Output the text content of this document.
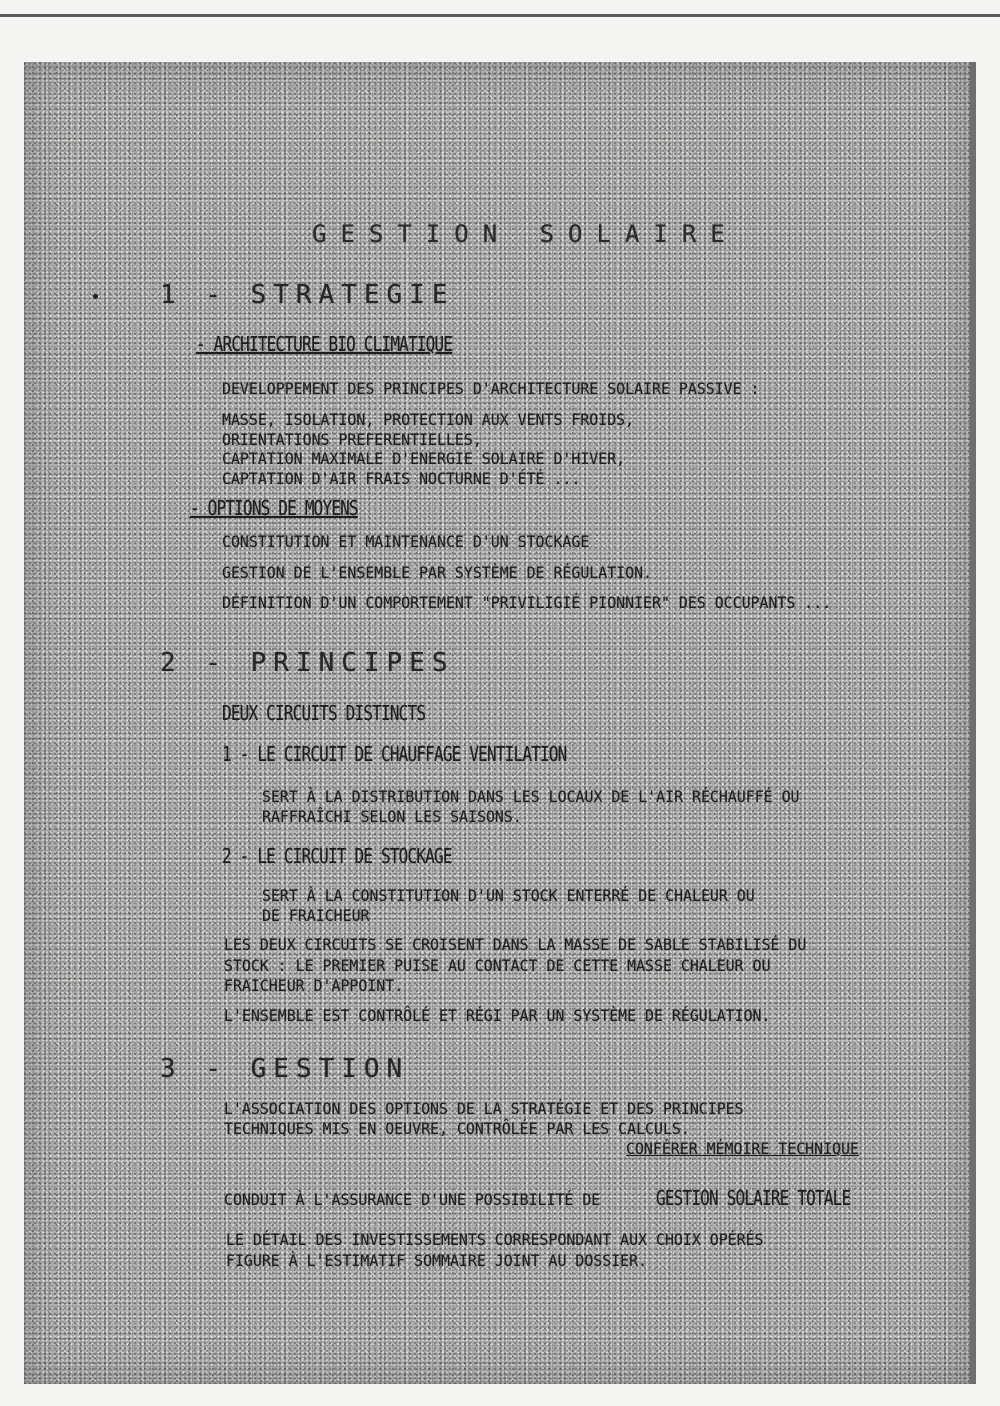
GESTION SOLAIRE

1 - STRATEGIE

- ARCHITECTURE BIO CLIMATIQUE

DEVELOPPEMENT DES PRINCIPES D'ARCHITECTURE SOLAIRE PASSIVE :

MASSE, ISOLATION, PROTECTION AUX VENTS FROIDS,

ORIENTATIONS PREFERENTIELLES,

CAPTATION MAXIMALE D'ENERGIE SOLAIRE D'HIVER,

CAPTATION D'AIR FRAIS NOCTURNE D'ÉTÉ ...

- OPTIONS DE MOYENS

CONSTITUTION ET MAINTENANCE D'UN STOCKAGE

GESTION DE L'ENSEMBLE PAR SYSTÈME DE RÉGULATION.

DÉFINITION D'UN COMPORTEMENT "PRIVILIGIÉ PIONNIER" DES OCCUPANTS ...

2 - PRINCIPES

DEUX CIRCUITS DISTINCTS

1 - LE CIRCUIT DE CHAUFFAGE VENTILATION

SERT À LA DISTRIBUTION DANS LES LOCAUX DE L'AIR RÉCHAUFFÉ OU

RAFFRAÎCHI SELON LES SAISONS.

2 - LE CIRCUIT DE STOCKAGE

SERT À LA CONSTITUTION D'UN STOCK ENTERRÉ DE CHALEUR OU

DE FRAICHEUR

LES DEUX CIRCUITS SE CROISENT DANS LA MASSE DE SABLE STABILISÉ DU

STOCK : LE PREMIER PUISE AU CONTACT DE CETTE MASSE CHALEUR OU

FRAICHEUR D'APPOINT.

L'ENSEMBLE EST CONTRÔLÉ ET RÉGI PAR UN SYSTÈME DE RÉGULATION.

3 - GESTION

L'ASSOCIATION DES OPTIONS DE LA STRATÉGIE ET DES PRINCIPES

TECHNIQUES MIS EN OEUVRE, CONTRÔLÉE PAR LES CALCULS.

CONFÉRER MÉMOIRE TECHNIQUE

CONDUIT À L'ASSURANCE D'UNE POSSIBILITÉ DE	GESTION SOLAIRE TOTALE

LE DÉTAIL DES INVESTISSEMENTS CORRESPONDANT AUX CHOIX OPÉRÉS

FIGURE À L'ESTIMATIF SOMMAIRE JOINT AU DOSSIER.
